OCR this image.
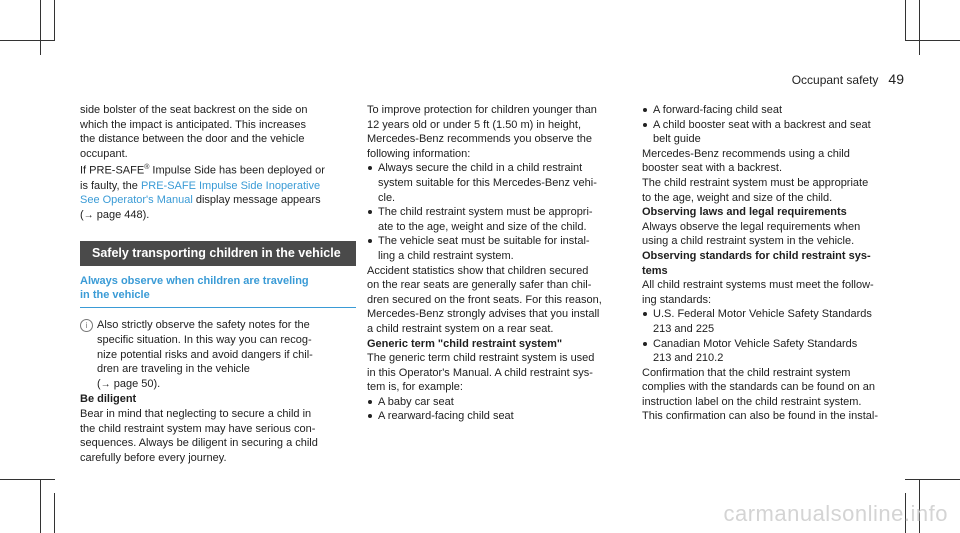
Occupant safety 49

side bolster of the seat backrest on the side on
which the impact is anticipated. This increases
the distance between the door and the vehicle
occupant.

If PRE-SAFE® Impulse Side has been deployed or
is faulty, the PRE-SAFE Impulse Side Inoperative
See Operator's Manual display message appears
(→ page 448).

Safely transporting children in the vehicle
Always observe when children are traveling
in the vehicle
i Also strictly observe the safety notes for the
specific situation. In this way you can recog-
nize potential risks and avoid dangers if chil-
dren are traveling in the vehicle
(→ page 50).

Be diligent

Bear in mind that neglecting to secure a child in
the child restraint system may have serious con-
sequences. Always be diligent in securing a child
carefully before every journey.

To improve protection for children younger than
12 years old or under 5 ft (1.50 m) in height,
Mercedes-Benz recommends you observe the
following information:

Always secure the child in a child restraint
system suitable for this Mercedes-Benz vehi-
cle.
The child restraint system must be appropri-
ate to the age, weight and size of the child.
The vehicle seat must be suitable for instal-
ling a child restraint system.

Accident statistics show that children secured
on the rear seats are generally safer than chil-
dren secured on the front seats. For this reason,
Mercedes-Benz strongly advises that you install
a child restraint system on a rear seat.

Generic term "child restraint system"

The generic term child restraint system is used
in this Operator's Manual. A child restraint sys-
tem is, for example:

A baby car seat
A rearward-facing child seat
A forward-facing child seat
A child booster seat with a backrest and seat
belt guide

Mercedes-Benz recommends using a child
booster seat with a backrest.

The child restraint system must be appropriate
to the age, weight and size of the child.

Observing laws and legal requirements

Always observe the legal requirements when
using a child restraint system in the vehicle.

Observing standards for child restraint sys-
tems

All child restraint systems must meet the follow-
ing standards:

U.S. Federal Motor Vehicle Safety Standards
213 and 225
Canadian Motor Vehicle Safety Standards
213 and 210.2

Confirmation that the child restraint system
complies with the standards can be found on an
instruction label on the child restraint system.
This confirmation can also be found in the instal-

carmanualsonline.info
